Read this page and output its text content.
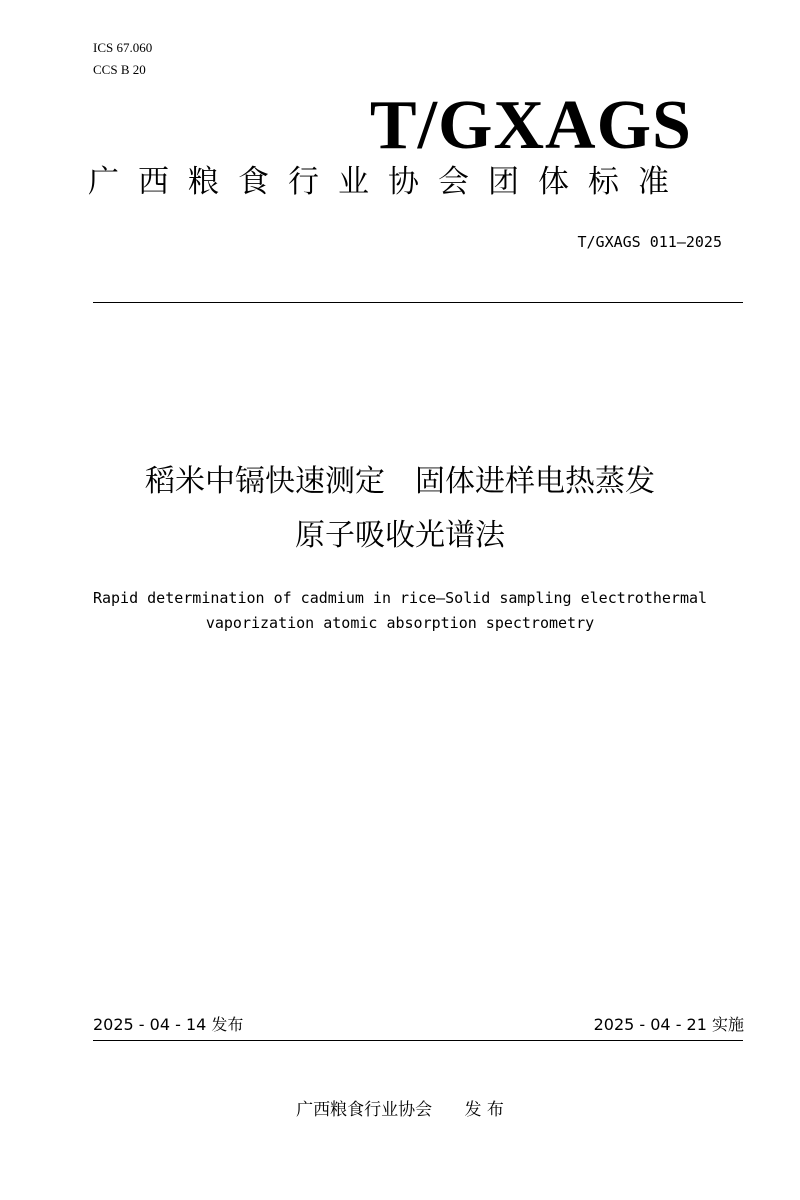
ICS 67.060
CCS B 20
T/GXAGS
广西粮食行业协会团体标准
T/GXAGS 011—2025
稻米中镉快速测定　固体进样电热蒸发
原子吸收光谱法
Rapid determination of cadmium in rice—Solid sampling electrothermal
vaporization atomic absorption spectrometry
2025 - 04 - 14 发布	2025 - 04 - 21 实施
广西粮食行业协会      发 布
